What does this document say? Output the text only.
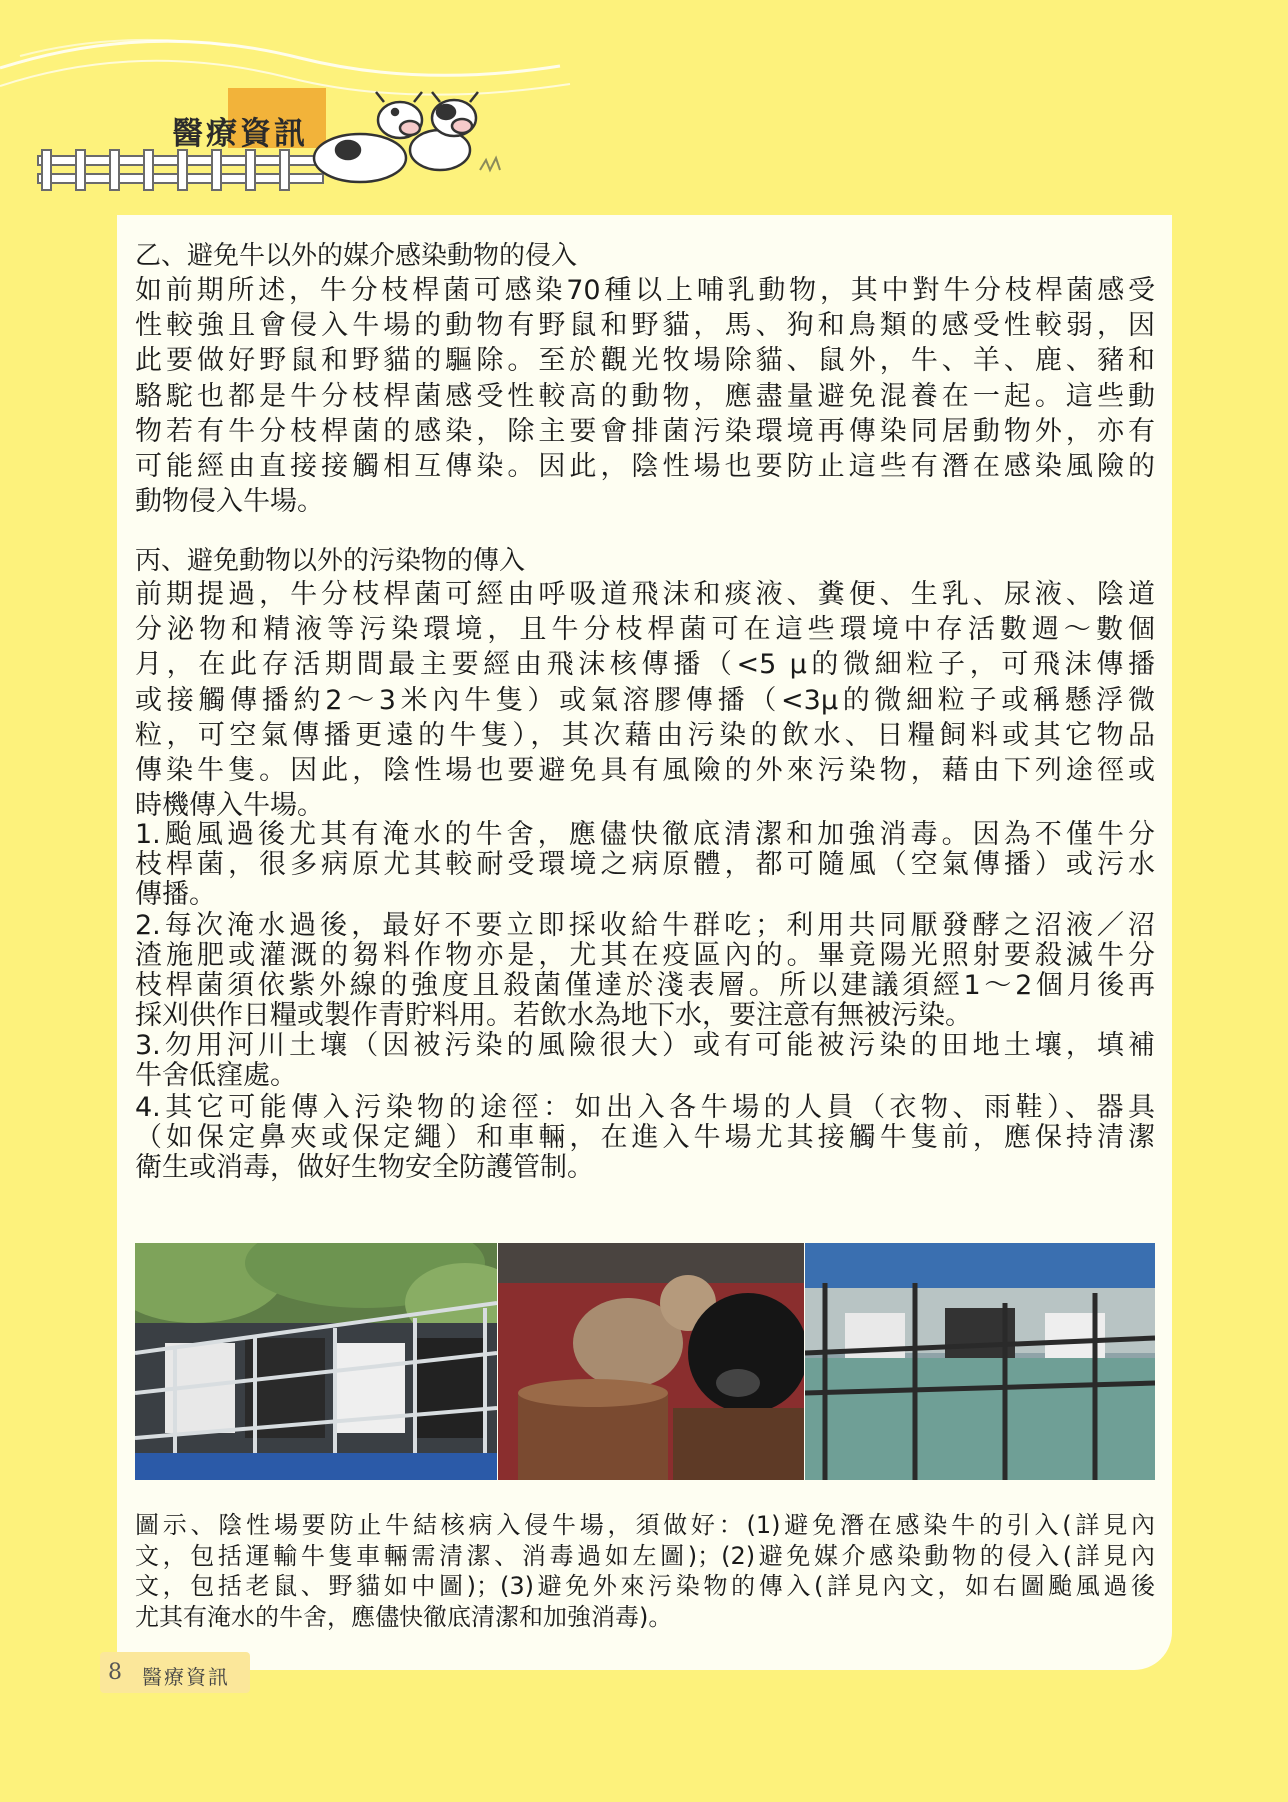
醫療資訊
乙、避免牛以外的媒介感染動物的侵入
如前期所述，牛分枝桿菌可感染70種以上哺乳動物，其中對牛分枝桿菌感受
性較強且會侵入牛場的動物有野鼠和野貓，馬、狗和鳥類的感受性較弱，因
此要做好野鼠和野貓的驅除。至於觀光牧場除貓、鼠外，牛、羊、鹿、豬和
駱駝也都是牛分枝桿菌感受性較高的動物，應盡量避免混養在一起。這些動
物若有牛分枝桿菌的感染，除主要會排菌污染環境再傳染同居動物外，亦有
可能經由直接接觸相互傳染。因此，陰性場也要防止這些有潛在感染風險的
動物侵入牛場。
丙、避免動物以外的污染物的傳入
前期提過，牛分枝桿菌可經由呼吸道飛沫和痰液、糞便、生乳、尿液、陰道
分泌物和精液等污染環境，且牛分枝桿菌可在這些環境中存活數週～數個
月，在此存活期間最主要經由飛沫核傳播（<5 μ的微細粒子，可飛沫傳播
或接觸傳播約2～3米內牛隻）或氣溶膠傳播（<3μ的微細粒子或稱懸浮微
粒，可空氣傳播更遠的牛隻），其次藉由污染的飲水、日糧飼料或其它物品
傳染牛隻。因此，陰性場也要避免具有風險的外來污染物，藉由下列途徑或
時機傳入牛場。
1.颱風過後尤其有淹水的牛舍，應儘快徹底清潔和加強消毒。因為不僅牛分
枝桿菌，很多病原尤其較耐受環境之病原體，都可隨風（空氣傳播）或污水
傳播。
2.每次淹水過後，最好不要立即採收給牛群吃；利用共同厭發酵之沼液／沼
渣施肥或灌溉的芻料作物亦是，尤其在疫區內的。畢竟陽光照射要殺滅牛分
枝桿菌須依紫外線的強度且殺菌僅達於淺表層。所以建議須經1～2個月後再
採刈供作日糧或製作青貯料用。若飲水為地下水，要注意有無被污染。
3.勿用河川土壤（因被污染的風險很大）或有可能被污染的田地土壤，填補
牛舍低窪處。
4.其它可能傳入污染物的途徑：如出入各牛場的人員（衣物、雨鞋）、器具
（如保定鼻夾或保定繩）和車輛，在進入牛場尤其接觸牛隻前，應保持清潔
衛生或消毒，做好生物安全防護管制。
圖示、陰性場要防止牛結核病入侵牛場，須做好：(1)避免潛在感染牛的引入(詳見內
文，包括運輸牛隻車輛需清潔、消毒過如左圖)；(2)避免媒介感染動物的侵入(詳見內
文，包括老鼠、野貓如中圖)；(3)避免外來污染物的傳入(詳見內文，如右圖颱風過後
尤其有淹水的牛舍，應儘快徹底清潔和加強消毒)。
8 醫療資訊
